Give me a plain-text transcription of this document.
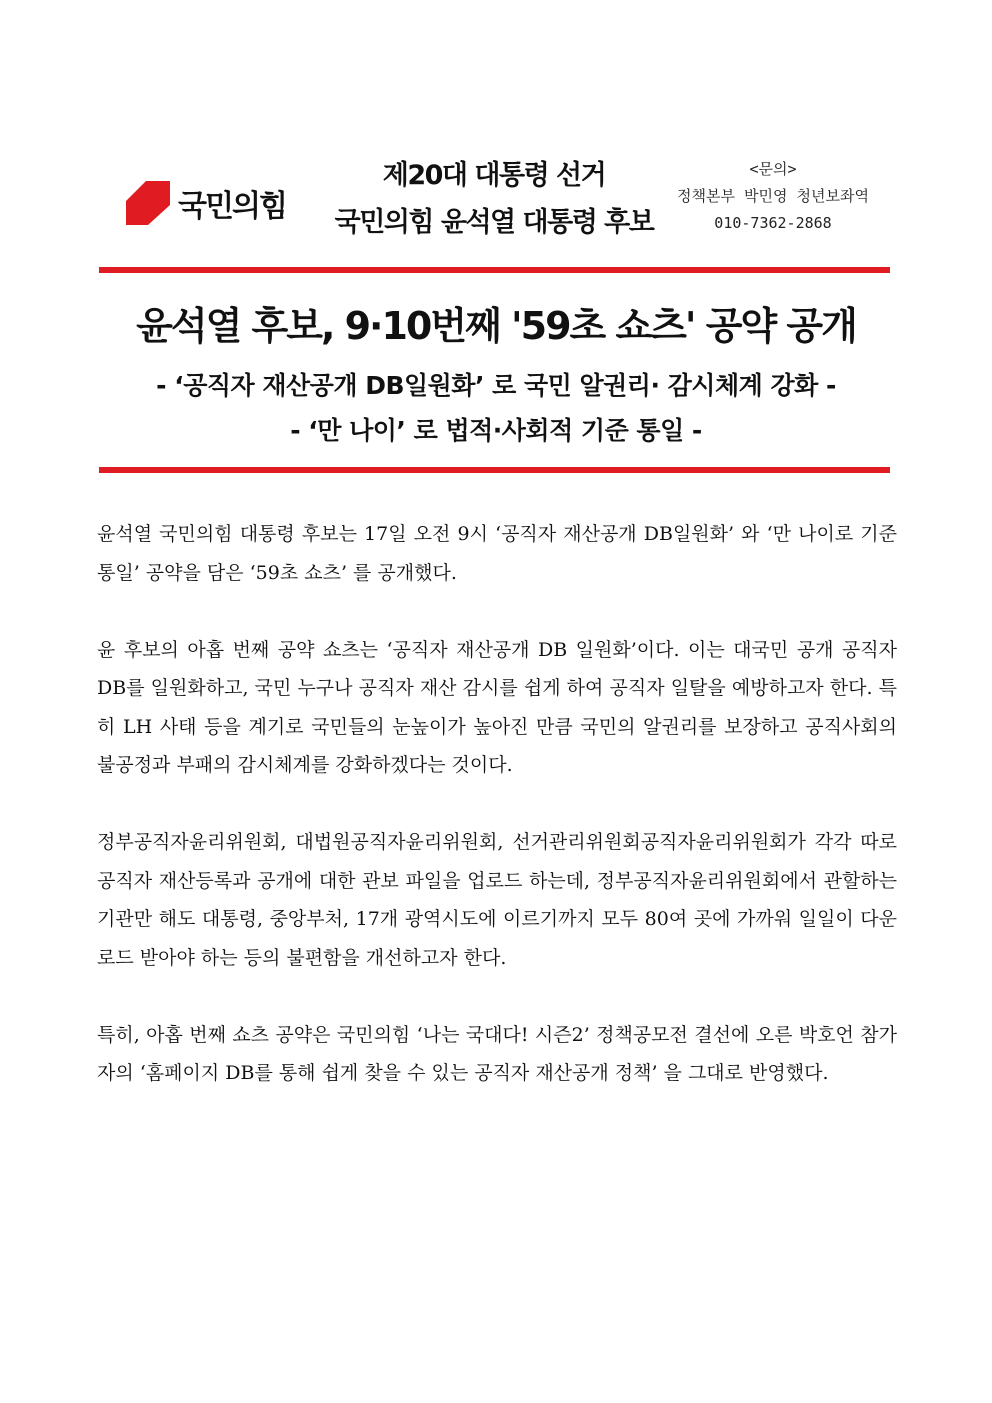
국민의힘
제20대 대통령 선거
국민의힘 윤석열 대통령 후보
<문의>
정책본부 박민영 청년보좌역
010-7362-2868
윤석열 후보, 9·10번째 '59초 쇼츠' 공약 공개
- ‘공직자 재산공개 DB일원화’ 로 국민 알권리· 감시체계 강화 -
- ‘만 나이’ 로 법적·사회적 기준 통일 -

윤석열 국민의힘 대통령 후보는 17일 오전 9시 ‘공직자 재산공개 DB일원화’ 와 ‘만 나이로 기준 통일’ 공약을 담은 ‘59초 쇼츠’ 를 공개했다.

윤 후보의 아홉 번째 공약 쇼츠는 ‘공직자 재산공개 DB 일원화’이다. 이는 대국민 공개 공직자 DB를 일원화하고, 국민 누구나 공직자 재산 감시를 쉽게 하여 공직자 일탈을 예방하고자 한다. 특히 LH 사태 등을 계기로 국민들의 눈높이가 높아진 만큼 국민의 알권리를 보장하고 공직사회의 불공정과 부패의 감시체계를 강화하겠다는 것이다.

정부공직자윤리위원회, 대법원공직자윤리위원회, 선거관리위원회공직자윤리위원회가 각각 따로 공직자 재산등록과 공개에 대한 관보 파일을 업로드 하는데, 정부공직자윤리위원회에서 관할하는 기관만 해도 대통령, 중앙부처, 17개 광역시도에 이르기까지 모두 80여 곳에 가까워 일일이 다운로드 받아야 하는 등의 불편함을 개선하고자 한다.

특히, 아홉 번째 쇼츠 공약은 국민의힘 ‘나는 국대다! 시즌2’ 정책공모전 결선에 오른 박호언 참가자의 ‘홈페이지 DB를 통해 쉽게 찾을 수 있는 공직자 재산공개 정책’ 을 그대로 반영했다.
